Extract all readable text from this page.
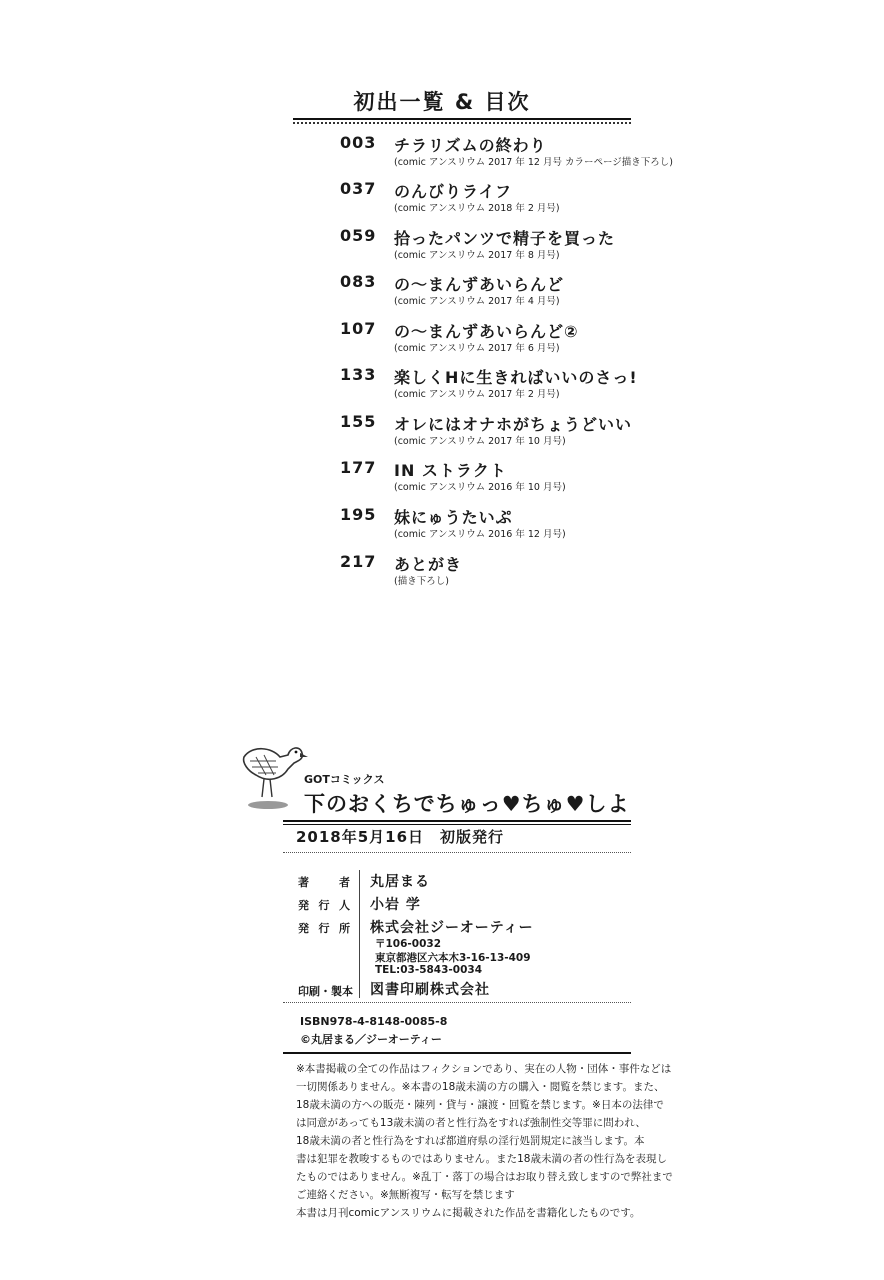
初出一覧 & 目次
003	チラリズムの終わり
(comic アンスリウム 2017 年 12 月号 カラーページ描き下ろし)
037	のんびりライフ
(comic アンスリウム 2018 年 2 月号)
059	拾ったパンツで精子を買った
(comic アンスリウム 2017 年 8 月号)
083	の～まんずあいらんど
(comic アンスリウム 2017 年 4 月号)
107	の～まんずあいらんど②
(comic アンスリウム 2017 年 6 月号)
133	楽しくHに生きればいいのさっ!
(comic アンスリウム 2017 年 2 月号)
155	オレにはオナホがちょうどいい
(comic アンスリウム 2017 年 10 月号)
177	IN ストラクト
(comic アンスリウム 2016 年 10 月号)
195	妹にゅうたいぷ
(comic アンスリウム 2016 年 12 月号)
217	あとがき
(描き下ろし)
GOTコミックス
下のおくちでちゅっ♥ちゅ♥しよ
2018年5月16日　初版発行
著者 丸居まる
発行人 小岩 学
発行所 株式会社ジーオーティー
〒106-0032
東京都港区六本木3-16-13-409
TEL:03-5843-0034
印刷・製本	図書印刷株式会社
ISBN978-4-8148-0085-8
©丸居まる／ジーオーティー
※本書掲載の全ての作品はフィクションであり、実在の人物・団体・事件などは
一切関係ありません。※本書の18歳未満の方の購入・閲覧を禁じます。また、
18歳未満の方への販売・陳列・貸与・譲渡・回覧を禁じます。※日本の法律で
は同意があっても13歳未満の者と性行為をすれば強制性交等罪に問われ、
18歳未満の者と性行為をすれば都道府県の淫行処罰規定に該当します。本
書は犯罪を教唆するものではありません。また18歳未満の者の性行為を表現し
たものではありません。※乱丁・落丁の場合はお取り替え致しますので弊社まで
ご連絡ください。※無断複写・転写を禁じます
本書は月刊comicアンスリウムに掲載された作品を書籍化したものです。
